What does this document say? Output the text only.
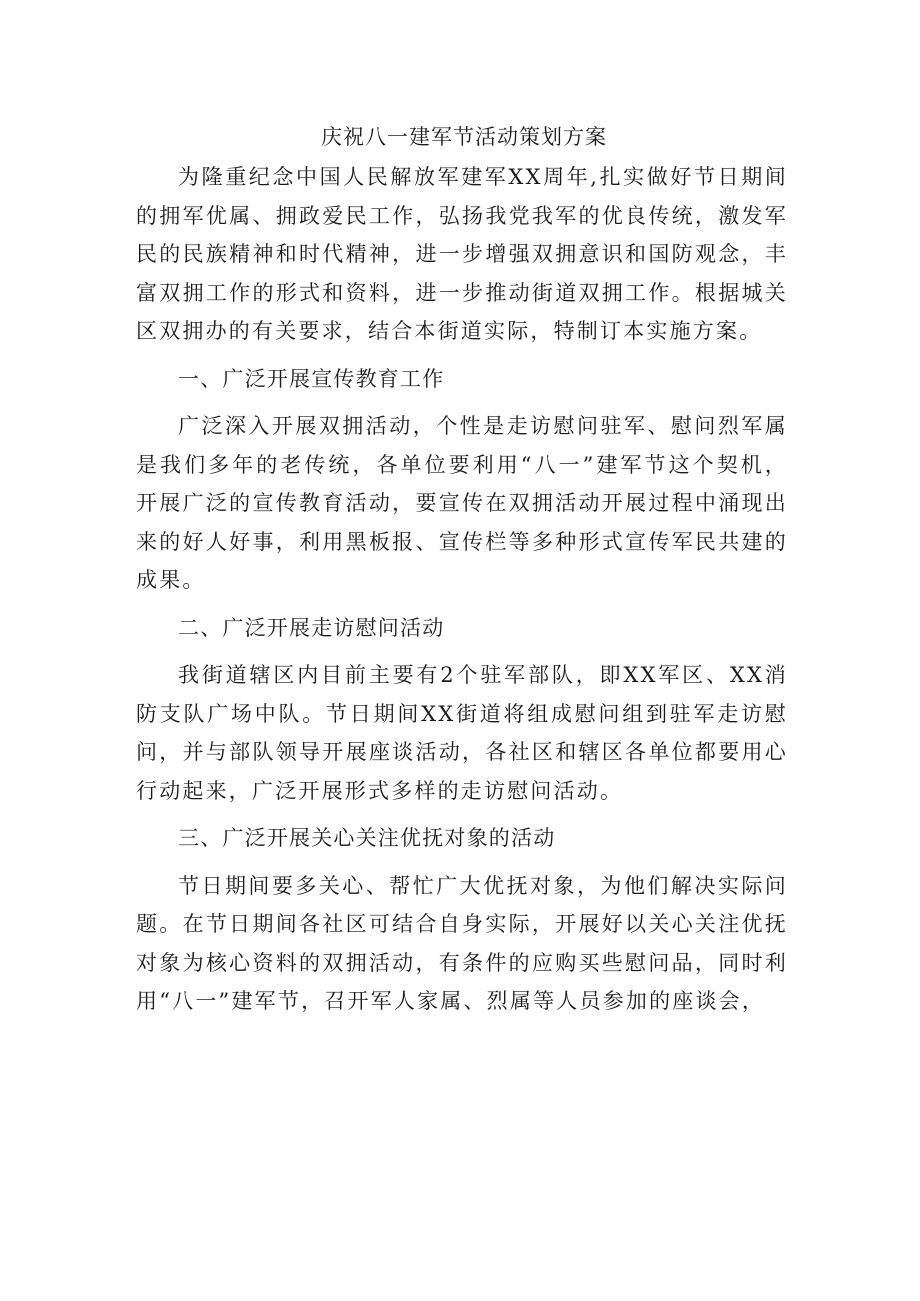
庆祝八一建军节活动策划方案

为隆重纪念中国人民解放军建军XX周年,扎实做好节日期间的拥军优属、拥政爱民工作，弘扬我党我军的优良传统，激发军民的民族精神和时代精神，进一步增强双拥意识和国防观念，丰富双拥工作的形式和资料，进一步推动街道双拥工作。根据城关区双拥办的有关要求，结合本街道实际，特制订本实施方案。

一、广泛开展宣传教育工作

广泛深入开展双拥活动，个性是走访慰问驻军、慰问烈军属是我们多年的老传统，各单位要利用“八一”建军节这个契机，开展广泛的宣传教育活动，要宣传在双拥活动开展过程中涌现出来的好人好事，利用黑板报、宣传栏等多种形式宣传军民共建的成果。

二、广泛开展走访慰问活动

我街道辖区内目前主要有2个驻军部队，即XX军区、XX消防支队广场中队。节日期间XX街道将组成慰问组到驻军走访慰问，并与部队领导开展座谈活动，各社区和辖区各单位都要用心行动起来，广泛开展形式多样的走访慰问活动。

三、广泛开展关心关注优抚对象的活动

节日期间要多关心、帮忙广大优抚对象，为他们解决实际问题。在节日期间各社区可结合自身实际，开展好以关心关注优抚对象为核心资料的双拥活动，有条件的应购买些慰问品，同时利用“八一”建军节，召开军人家属、烈属等人员参加的座谈会，
